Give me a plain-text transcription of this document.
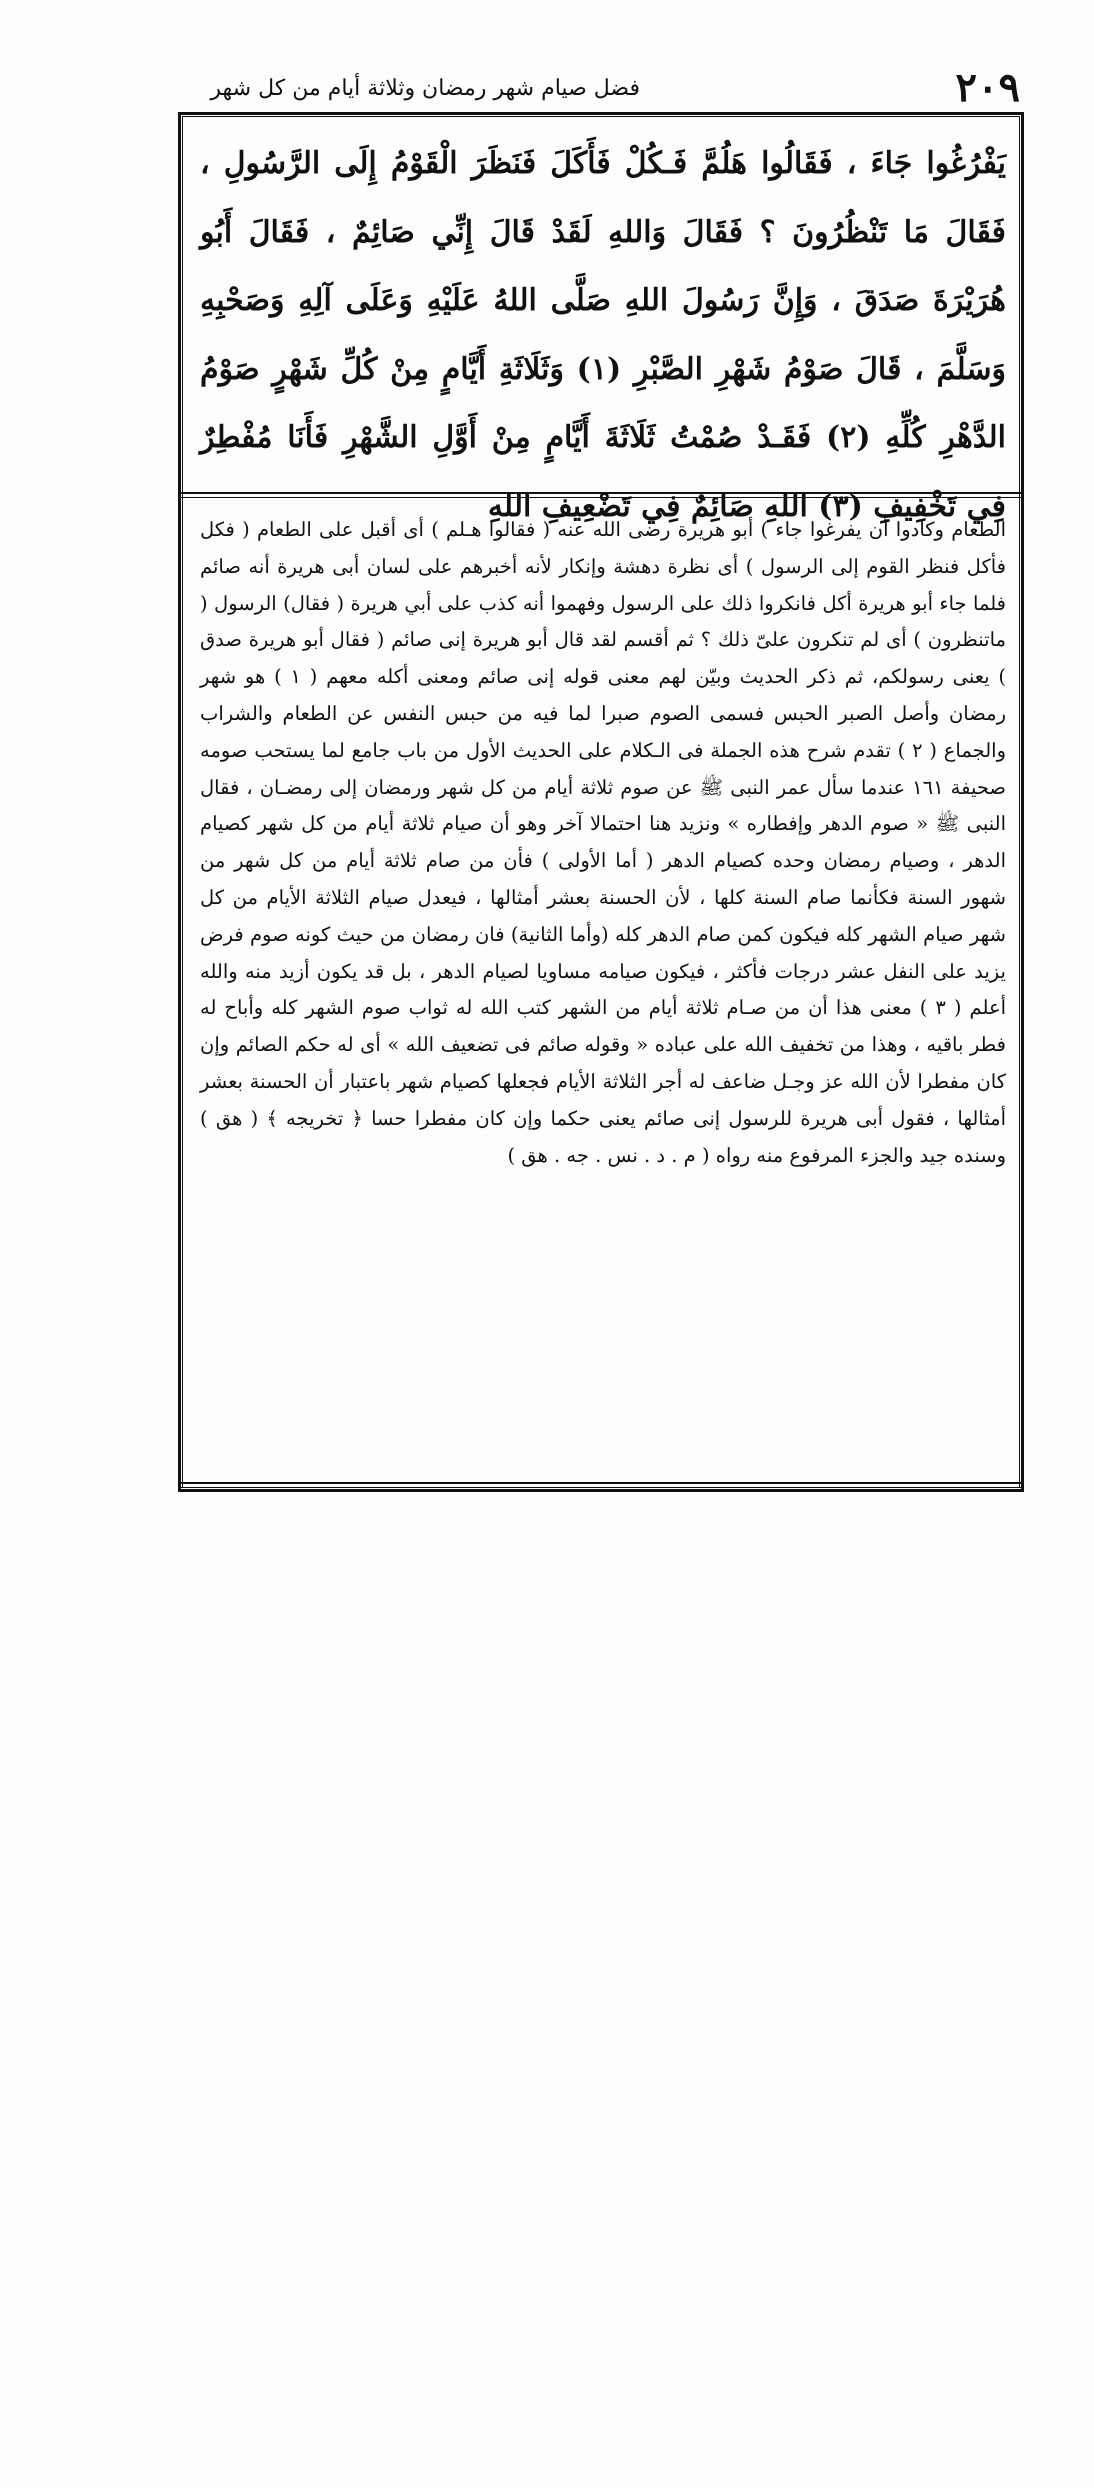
٢٠٩
فضل صيام شهر رمضان وثلاثة أيام من كل شهر

يَفْرُغُوا جَاءَ ، فَقَالُوا هَلُمَّ فَـكُلْ فَأَكَلَ فَنَظَرَ الْقَوْمُ إِلَى الرَّسُولِ ، فَقَالَ مَا تَنْظُرُونَ ؟ فَقَالَ وَاللهِ لَقَدْ قَالَ إِنِّي صَائِمٌ ، فَقَالَ أَبُو هُرَيْرَةَ صَدَقَ ، وَإِنَّ رَسُولَ اللهِ صَلَّى اللهُ عَلَيْهِ وَعَلَى آلِهِ وَصَحْبِهِ وَسَلَّمَ ، قَالَ صَوْمُ شَهْرِ الصَّبْرِ (١) وَثَلَاثَةِ أَيَّامٍ مِنْ كُلِّ شَهْرٍ صَوْمُ الدَّهْرِ كُلِّهِ (٢) فَقَـدْ صُمْتُ ثَلَاثَةَ أَيَّامٍ مِنْ أَوَّلِ الشَّهْرِ فَأَنَا مُفْطِرٌ فِي تَخْفِيفِ (٣) اللهِ صَائِمٌ فِي تَضْعِيفِ اللهِ

الطعام وكادوا أن يفرغوا جاء ) أبو هريرة رضى الله عنه ( فقالوا هـلم ) أى أقبل على الطعام ( فكل فأكل فنظر القوم إلى الرسول ) أى نظرة دهشة وإنكار لأنه أخبرهم على لسان أبى هريرة أنه صائم فلما جاء أبو هريرة أكل فانكروا ذلك على الرسول وفهموا أنه كذب على أبي هريرة ( فقال) الرسول ( ماتنظرون ) أى لم تنكرون علىّ ذلك ؟ ثم أقسم لقد قال أبو هريرة إنى صائم ( فقال أبو هريرة صدق ) يعنى رسولكم، ثم ذكر الحديث وبيّن لهم معنى قوله إنى صائم ومعنى أكله معهم ( ١ ) هو شهر رمضان وأصل الصبر الحبس فسمى الصوم صبرا لما فيه من حبس النفس عن الطعام والشراب والجماع ( ٢ ) تقدم شرح هذه الجملة فى الـكلام على الحديث الأول من باب جامع لما يستحب صومه صحيفة ١٦١ عندما سأل عمر النبى ﷺ عن صوم ثلاثة أيام من كل شهر ورمضان إلى رمضـان ، فقال النبى ﷺ « صوم الدهر وإفطاره » ونزيد هنا احتمالا آخر وهو أن صيام ثلاثة أيام من كل شهر كصيام الدهر ، وصيام رمضان وحده كصيام الدهر ( أما الأولى ) فأن من صام ثلاثة أيام من كل شهر من شهور السنة فكأنما صام السنة كلها ، لأن الحسنة بعشر أمثالها ، فيعدل صيام الثلاثة الأيام من كل شهر صيام الشهر كله فيكون كمن صام الدهر كله (وأما الثانية) فان رمضان من حيث كونه صوم فرض يزيد على النفل عشر درجات فأكثر ، فيكون صيامه مساويا لصيام الدهر ، بل قد يكون أزيد منه والله أعلم ( ٣ ) معنى هذا أن من صـام ثلاثة أيام من الشهر كتب الله له ثواب صوم الشهر كله وأباح له فطر باقيه ، وهذا من تخفيف الله على عباده « وقوله صائم فى تضعيف الله » أى له حكم الصائم وإن كان مفطرا لأن الله عز وجـل ضاعف له أجر الثلاثة الأيام فجعلها كصيام شهر باعتبار أن الحسنة بعشر أمثالها ، فقول أبى هريرة للرسول إنى صائم يعنى حكما وإن كان مفطرا حسا ﴿ تخريجه ﴾ ( هق ) وسنده جيد والجزء المرفوع منه رواه ( م . د . نس . جه . هق )
